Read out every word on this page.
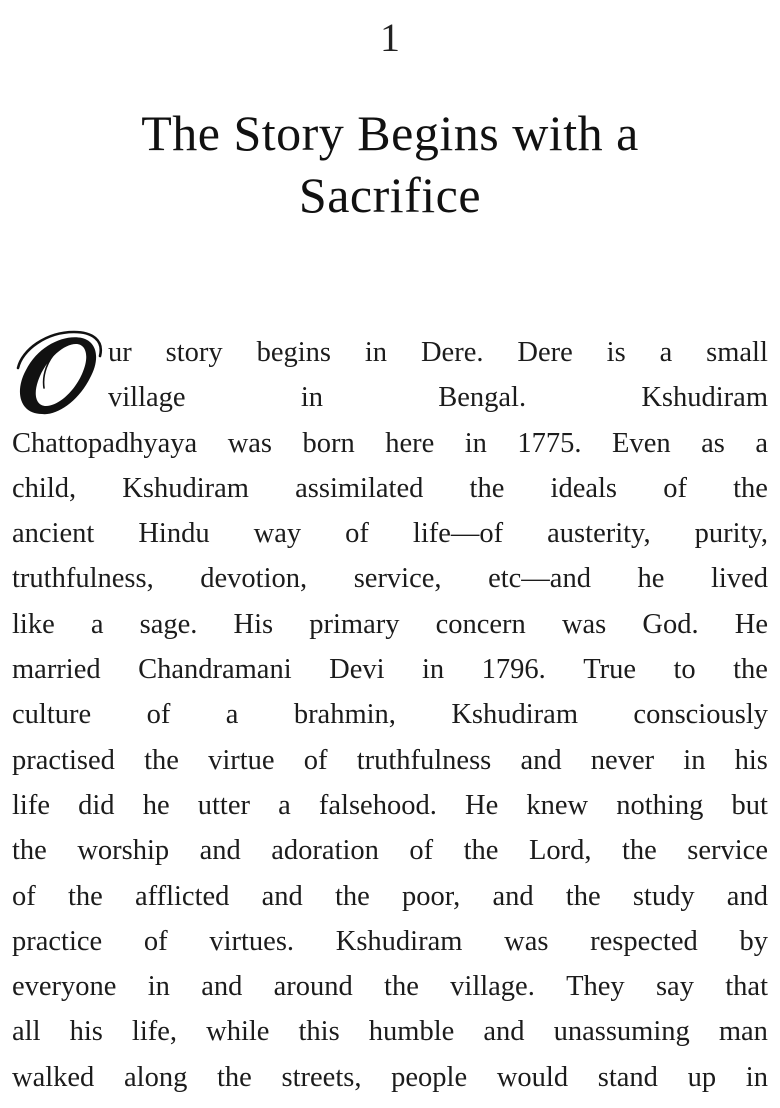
1
The Story Begins with a
Sacrifice

ur story begins in Dere. Dere is a small
village	in	Bengal.	Kshudiram
Chattopadhyaya was born here in 1775. Even as a
child, Kshudiram assimilated the ideals of the
ancient Hindu way of life—of austerity, purity,
truthfulness, devotion, service, etc—and he lived
like a sage. His primary concern was God. He
married Chandramani Devi in 1796. True to the
culture of a brahmin, Kshudiram consciously
practised the virtue of truthfulness and never in his
life did he utter a falsehood. He knew nothing but
the worship and adoration of the Lord, the service
of the afflicted and the poor, and the study and
practice of virtues. Kshudiram was respected by
everyone in and around the village. They say that
all his life, while this humble and unassuming man
walked along the streets, people would stand up in
